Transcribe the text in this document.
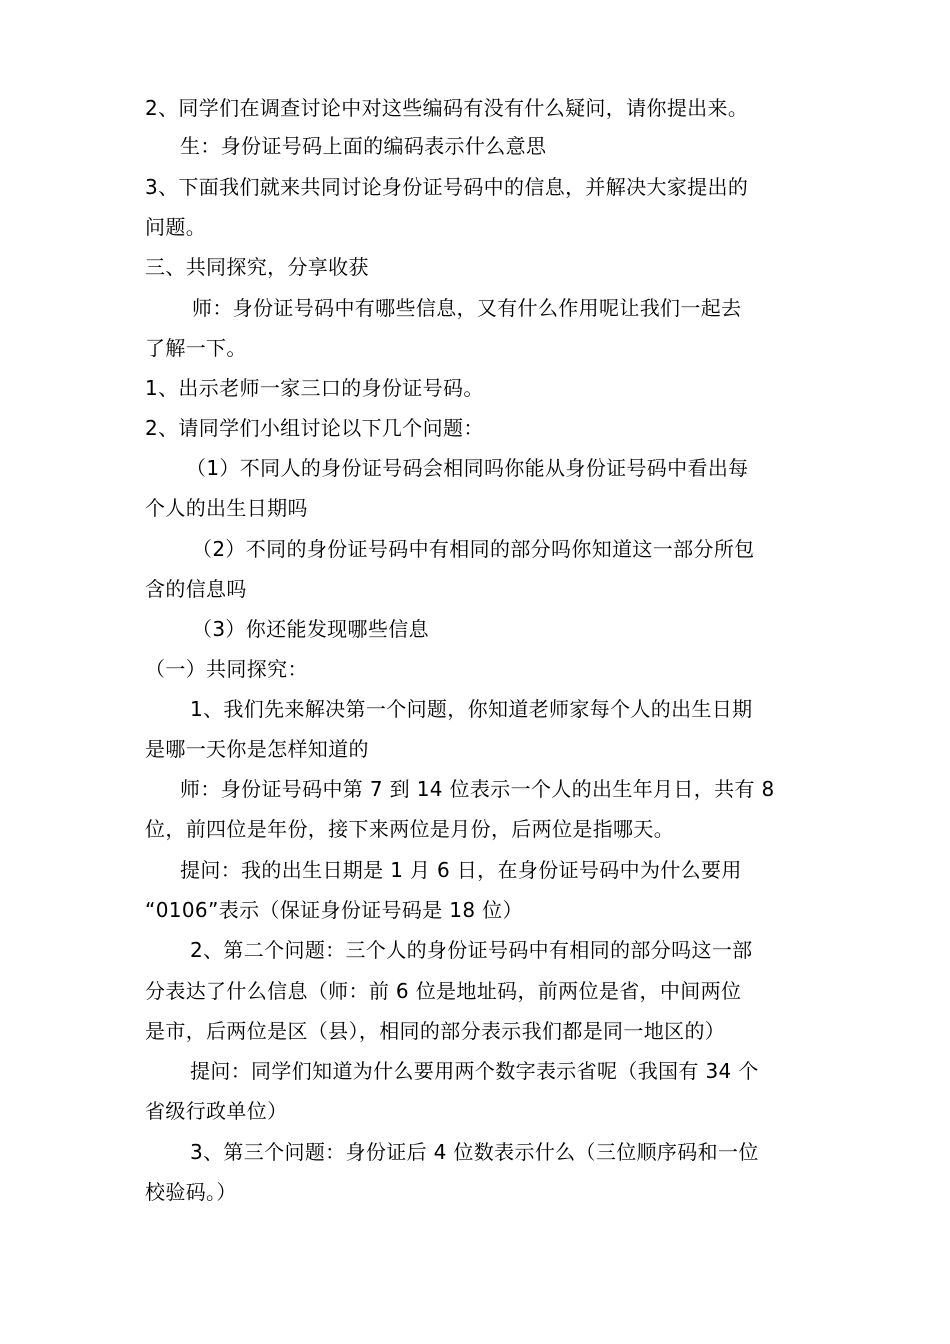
2、同学们在调查讨论中对这些编码有没有什么疑问，请你提出来。

生：身份证号码上面的编码表示什么意思

3、下面我们就来共同讨论身份证号码中的信息，并解决大家提出的

问题。

三、共同探究，分享收获

师：身份证号码中有哪些信息，又有什么作用呢让我们一起去

了解一下。

1、出示老师一家三口的身份证号码。

2、请同学们小组讨论以下几个问题：

（1）不同人的身份证号码会相同吗你能从身份证号码中看出每

个人的出生日期吗

（2）不同的身份证号码中有相同的部分吗你知道这一部分所包

含的信息吗

（3）你还能发现哪些信息

（一）共同探究：

1、我们先来解决第一个问题，你知道老师家每个人的出生日期

是哪一天你是怎样知道的

师：身份证号码中第 7 到 14 位表示一个人的出生年月日，共有 8

位，前四位是年份，接下来两位是月份，后两位是指哪天。

提问：我的出生日期是 1 月 6 日，在身份证号码中为什么要用

“0106”表示（保证身份证号码是 18 位）

2、第二个问题：三个人的身份证号码中有相同的部分吗这一部

分表达了什么信息（师：前 6 位是地址码，前两位是省，中间两位

是市，后两位是区（县），相同的部分表示我们都是同一地区的）

提问：同学们知道为什么要用两个数字表示省呢（我国有 34 个

省级行政单位）

3、第三个问题：身份证后 4 位数表示什么（三位顺序码和一位

校验码。）
